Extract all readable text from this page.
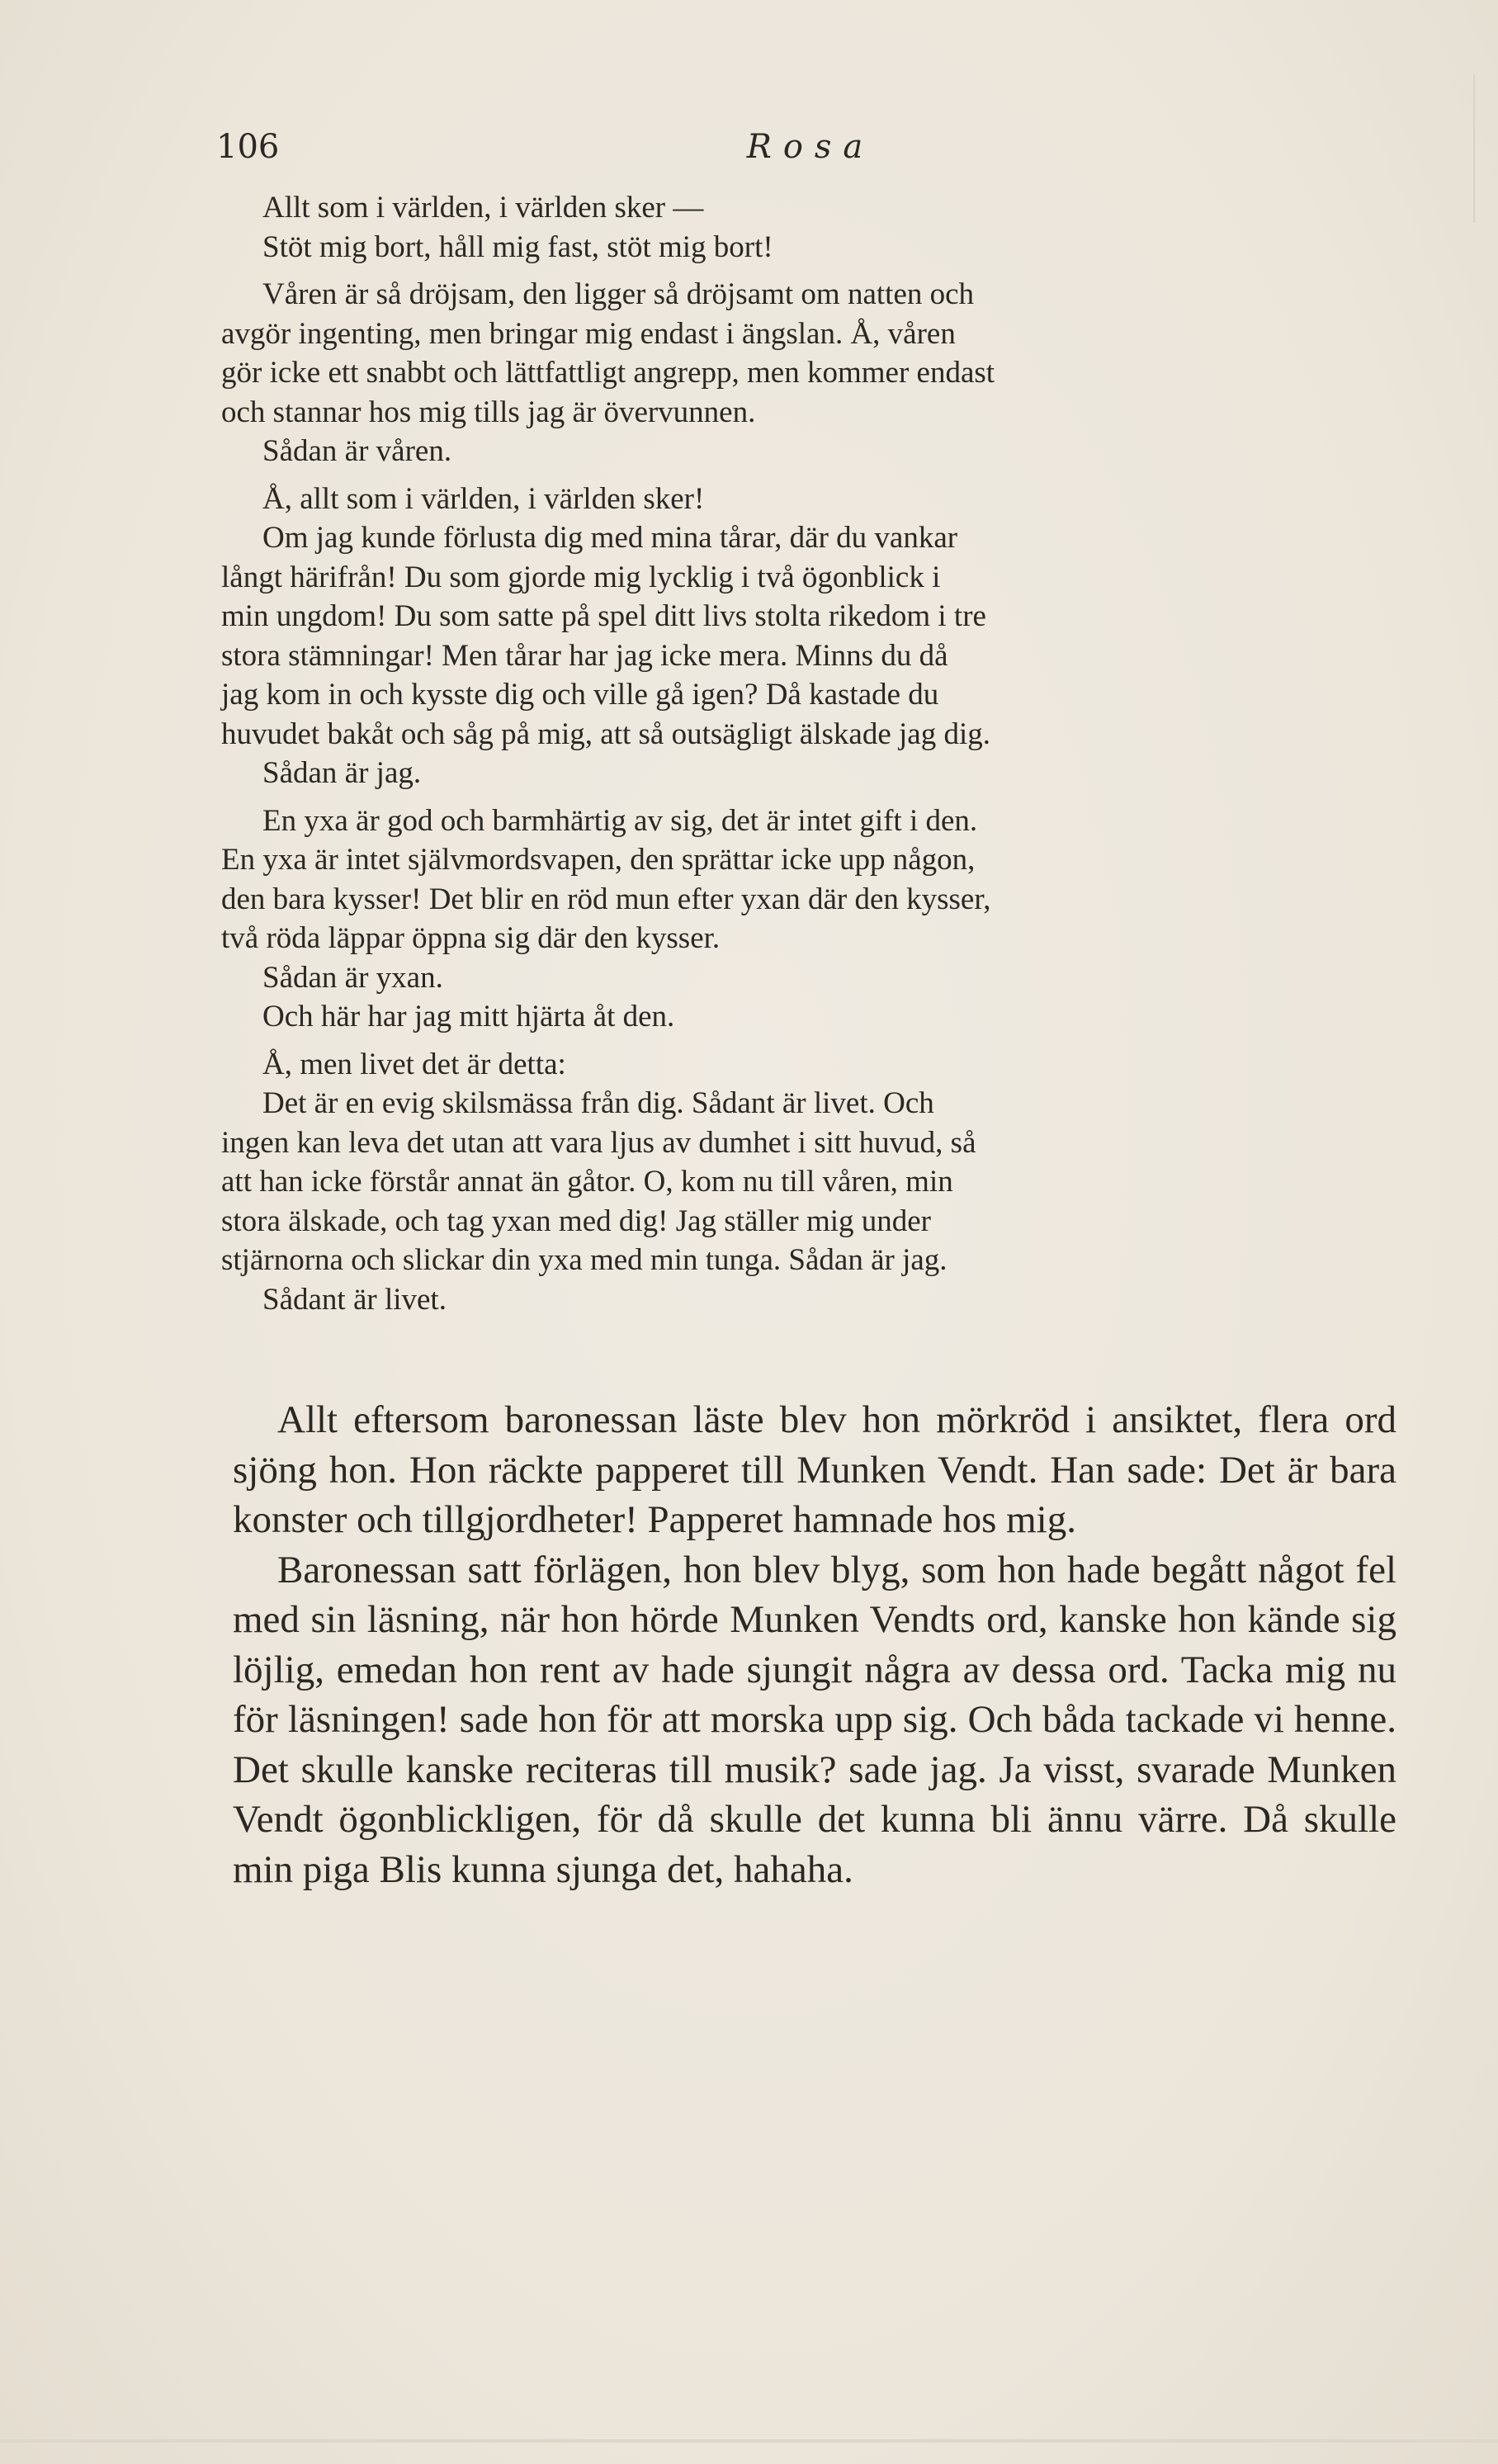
106	Rosa
Allt som i världen, i världen sker —
Stöt mig bort, håll mig fast, stöt mig bort!
Våren är så dröjsam, den ligger så dröjsamt om natten och
avgör ingenting, men bringar mig endast i ängslan. Å, våren
gör icke ett snabbt och lättfattligt angrepp, men kommer endast
och stannar hos mig tills jag är övervunnen.
Sådan är våren.
Å, allt som i världen, i världen sker!
Om jag kunde förlusta dig med mina tårar, där du vankar
långt härifrån! Du som gjorde mig lycklig i två ögonblick i
min ungdom! Du som satte på spel ditt livs stolta rikedom i tre
stora stämningar! Men tårar har jag icke mera. Minns du då
jag kom in och kysste dig och ville gå igen? Då kastade du
huvudet bakåt och såg på mig, att så outsägligt älskade jag dig.
Sådan är jag.
En yxa är god och barmhärtig av sig, det är intet gift i den.
En yxa är intet självmordsvapen, den sprättar icke upp någon,
den bara kysser! Det blir en röd mun efter yxan där den kysser,
två röda läppar öppna sig där den kysser.
Sådan är yxan.
Och här har jag mitt hjärta åt den.
Å, men livet det är detta:
Det är en evig skilsmässa från dig. Sådant är livet. Och
ingen kan leva det utan att vara ljus av dumhet i sitt huvud, så
att han icke förstår annat än gåtor. O, kom nu till våren, min
stora älskade, och tag yxan med dig! Jag ställer mig under
stjärnorna och slickar din yxa med min tunga. Sådan är jag.
Sådant är livet.

Allt eftersom baronessan läste blev hon mörkröd i ansiktet, flera ord sjöng hon. Hon räckte papperet till Munken Vendt. Han sade: Det är bara konster och tillgjordheter! Papperet hamnade hos mig.

Baronessan satt förlägen, hon blev blyg, som hon hade begått något fel med sin läsning, när hon hörde Munken Vendts ord, kanske hon kände sig löjlig, emedan hon rent av hade sjungit några av dessa ord. Tacka mig nu för läsningen! sade hon för att morska upp sig. Och båda tackade vi henne. Det skulle kanske reciteras till musik? sade jag. Ja visst, svarade Munken Vendt ögonblickligen, för då skulle det kunna bli ännu värre. Då skulle min piga Blis kunna sjunga det, hahaha.
